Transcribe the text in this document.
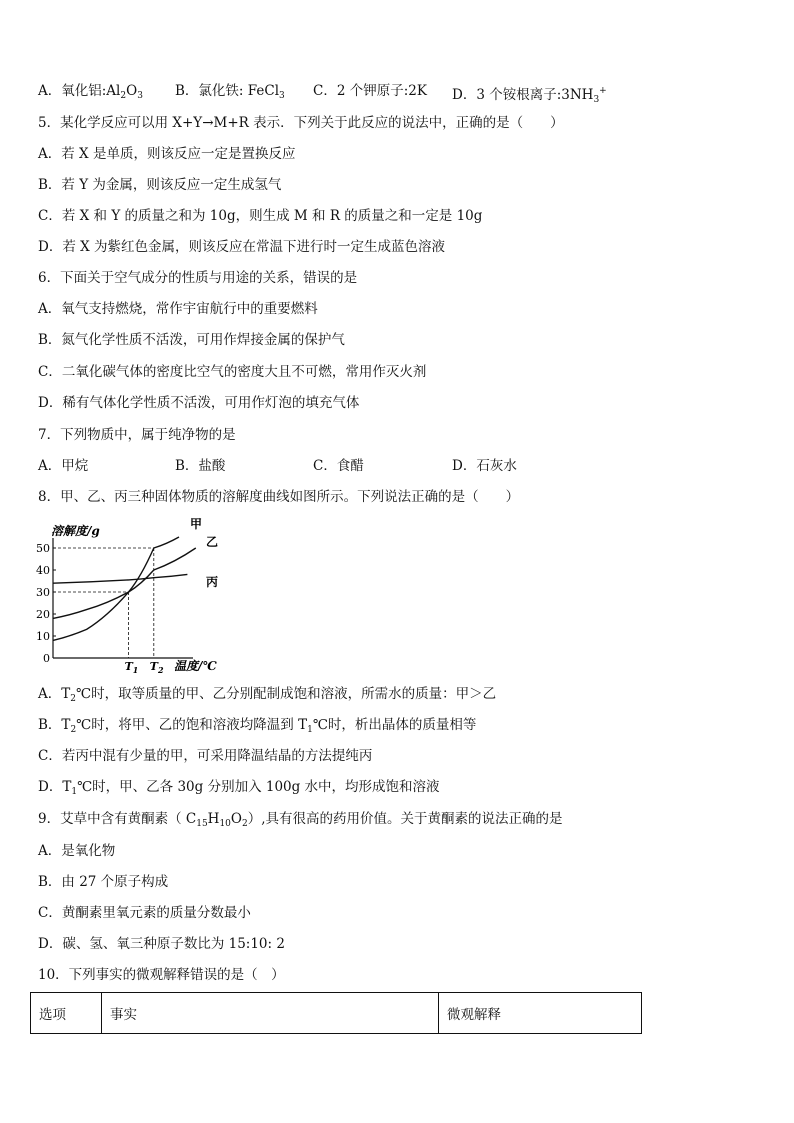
A．氧化铝$:Al_2O_3$ B．氯化铁: FeCl$_3$ C．2 个钾原子:2K D．3 个铵根离子$:3NH_3^+$
5．某化学反应可以用 X+Y→M+R 表示．下列关于此反应的说法中，正确的是（　　）
A．若 X 是单质，则该反应一定是置换反应
B．若 Y 为金属，则该反应一定生成氢气
C．若 X 和 Y 的质量之和为 10g，则生成 M 和 R 的质量之和一定是 10g
D．若 X 为紫红色金属，则该反应在常温下进行时一定生成蓝色溶液
6．下面关于空气成分的性质与用途的关系，错误的是
A．氧气支持燃烧，常作宇宙航行中的重要燃料
B．氮气化学性质不活泼，可用作焊接金属的保护气
C．二氧化碳气体的密度比空气的密度大且不可燃，常用作灭火剂
D．稀有气体化学性质不活泼，可用作灯泡的填充气体
7．下列物质中，属于纯净物的是
A．甲烷	B．盐酸	C．食醋	D．石灰水
8．甲、乙、丙三种固体物质的溶解度曲线如图所示。下列说法正确的是（　　）
溶解度/g
温度/℃
0
10
20
30
40
50
$T_1$ $T_2$
甲
乙
丙
A．$T_2℃$时，取等质量的甲、乙分别配制成饱和溶液，所需水的质量：甲＞乙
B．$T_2℃$时，将甲、乙的饱和溶液均降温到 $T_1℃$时，析出晶体的质量相等
C．若丙中混有少量的甲，可采用降温结晶的方法提纯丙
D．$T_1℃$时，甲、乙各 30g 分别加入 100g 水中，均形成饱和溶液
9．艾草中含有黄酮素（ $C_{15}H_{10}O_2$）,具有很高的药用价值。关于黄酮素的说法正确的是
A．是氧化物
B．由 27 个原子构成
C．黄酮素里氧元素的质量分数最小
D．碳、氢、氧三种原子数比为 15:10: 2
10．下列事实的微观解释错误的是（　）
选项	事实	微观解释
